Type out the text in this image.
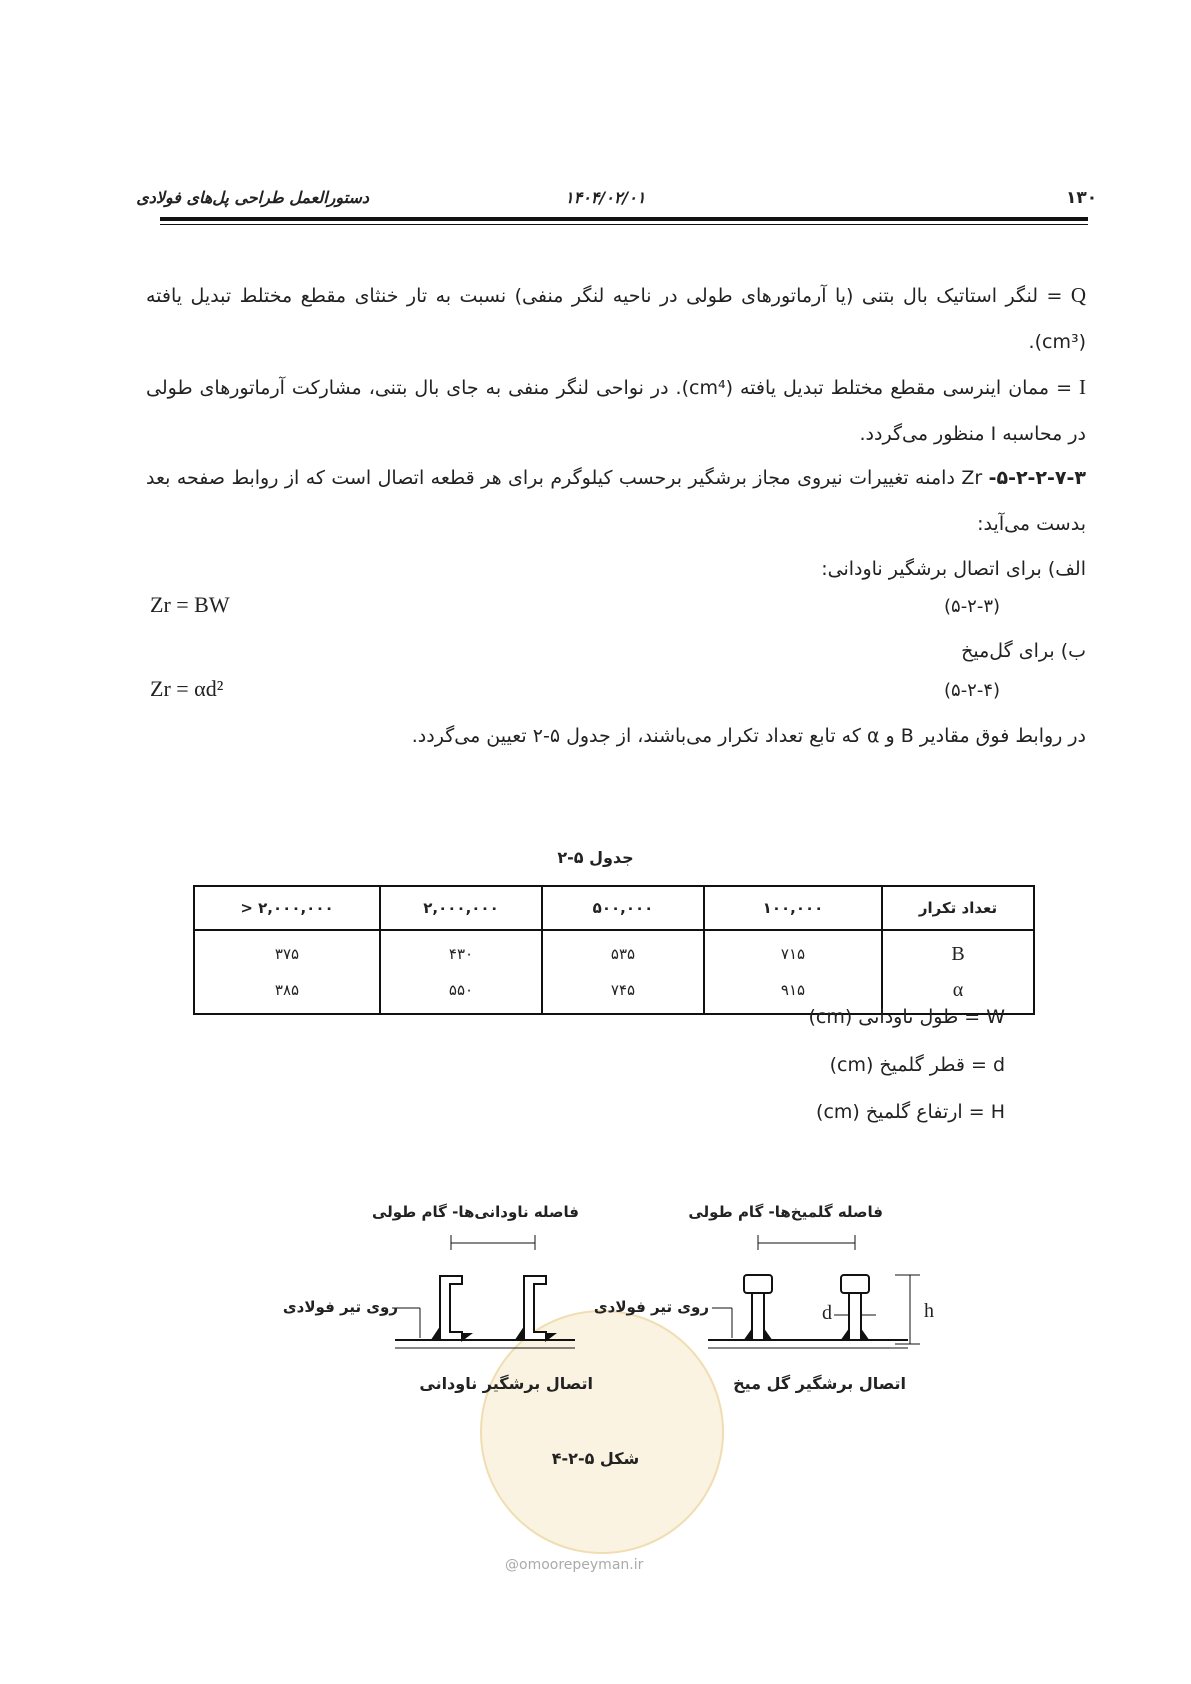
دستورالعمل طراحی پل‌های فولادی	۱۴۰۴/۰۲/۰۱	۱۳۰
Q = لنگر استاتیک بال بتنی (یا آرماتورهای طولی در ناحیه لنگر منفی) نسبت به تار خنثای مقطع مختلط تبدیل یافته (cm³).
I = ممان اینرسی مقطع مختلط تبدیل یافته (cm⁴). در نواحی لنگر منفی به جای بال بتنی، مشارکت آرماتورهای طولی در محاسبه I منظور می‌گردد.
۵-۲-۲-۷-۳- Zr دامنه تغییرات نیروی مجاز برشگیر برحسب کیلوگرم برای هر قطعه اتصال است که از روابط صفحه بعد بدست می‌آید:
الف) برای اتصال برشگیر ناودانی:
Zr = BW	(۵-۲-۳)
ب) برای گل‌میخ
Zr = αd²	(۵-۲-۴)
در روابط فوق مقادیر B و α که تابع تعداد تکرار می‌باشند، از جدول ۵-۲ تعیین می‌گردد.
جدول ۵-۲
تعداد تکرار	۱۰۰,۰۰۰	۵۰۰,۰۰۰	۲,۰۰۰,۰۰۰	> ۲,۰۰۰,۰۰۰
B	۷۱۵	۵۳۵	۴۳۰	۳۷۵
α	۹۱۵	۷۴۵	۵۵۰	۳۸۵
W = طول ناودانی (cm)
d = قطر گلمیخ (cm)
H = ارتفاع گلمیخ (cm)
@omoorepeyman.ir
فاصله گلمیخ‌ها- گام طولی
فاصله ناودانی‌ها- گام طولی
روی تیر فولادی
روی تیر فولادی	d	h
اتصال برشگیر گل میخ
اتصال برشگیر ناودانی
شکل ۵-۲-۴
